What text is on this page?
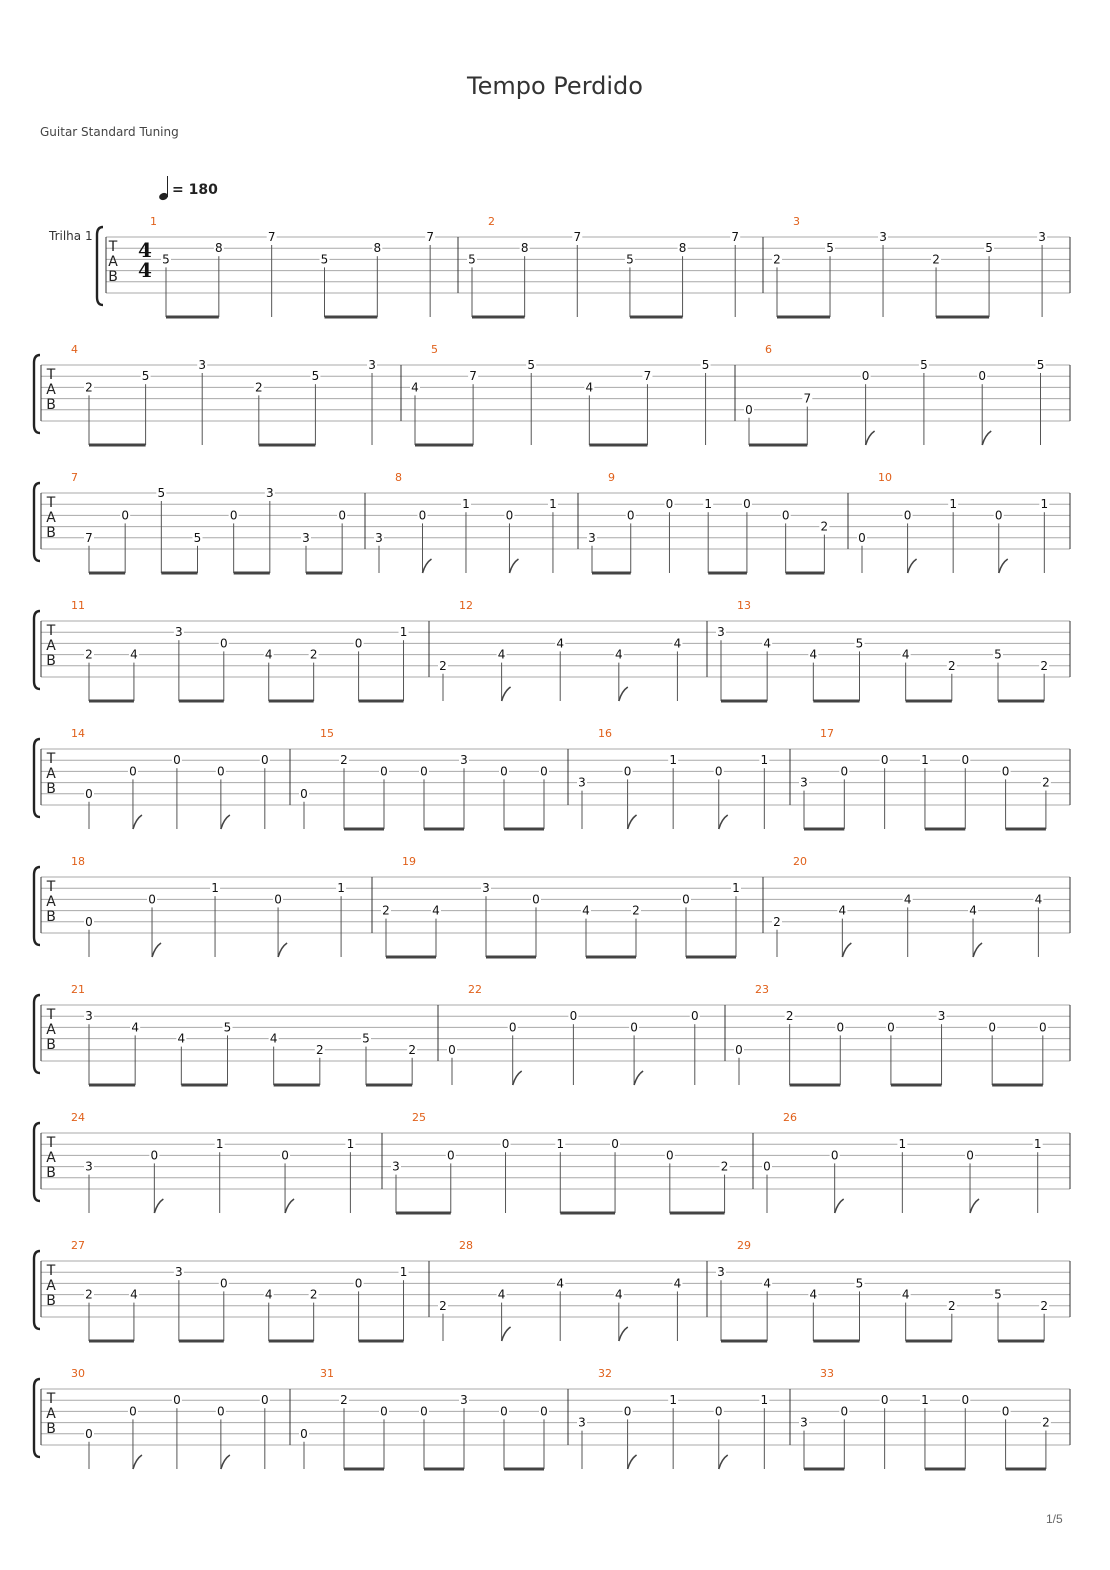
Tempo Perdido
Guitar Standard Tuning
= 180
Trilha 1
T
A
B
4
4
1
5
8
7
5
8
7
2
5
8
7
5
8
7
3
2
5
3
2
5
3
T
A
B
4
2
5
3
2
5
3
5
4
7
5
4
7
5
6
0
7
0
5
0
5
T
A
B
7
7
0
5
5
0
3
3
0
8
3
0
1
0
1
9
3
0
0	1	0
0
2
10
0
0
1
0
1
T
A
B
11
2	4
3
0
4	2
0
1
12
2
4
4
4
4
13
3
4
4
5
4
2
5
2
T
A
B
14
0
0
0
0
0
15
0
2
0	0
3
0	0
16
3
0
1
0
1
17
3
0
0	1	0
0
2
T
A
B
18
0
0
1
0
1
19
2	4
3
0
4	2
0
1
20
2
4
4
4
4
T
A
B
21
3
4
4
5
4
2
5
2
22
0
0
0
0
0
23
0
2
0	0
3
0	0
T
A
B
24
3
0
1
0
1
25
3
0
0	1	0
0
2
26
0
0
1
0
1
T
A
B
27
2	4
3
0
4	2
0
1
28
2
4
4
4
4
29
3
4
4
5
4
2
5
2
T
A
B
30
0
0
0
0
0
31
0
2
0	0
3
0	0
32
3
0
1
0
1
33
3
0
0	1	0
0
2
1/5
